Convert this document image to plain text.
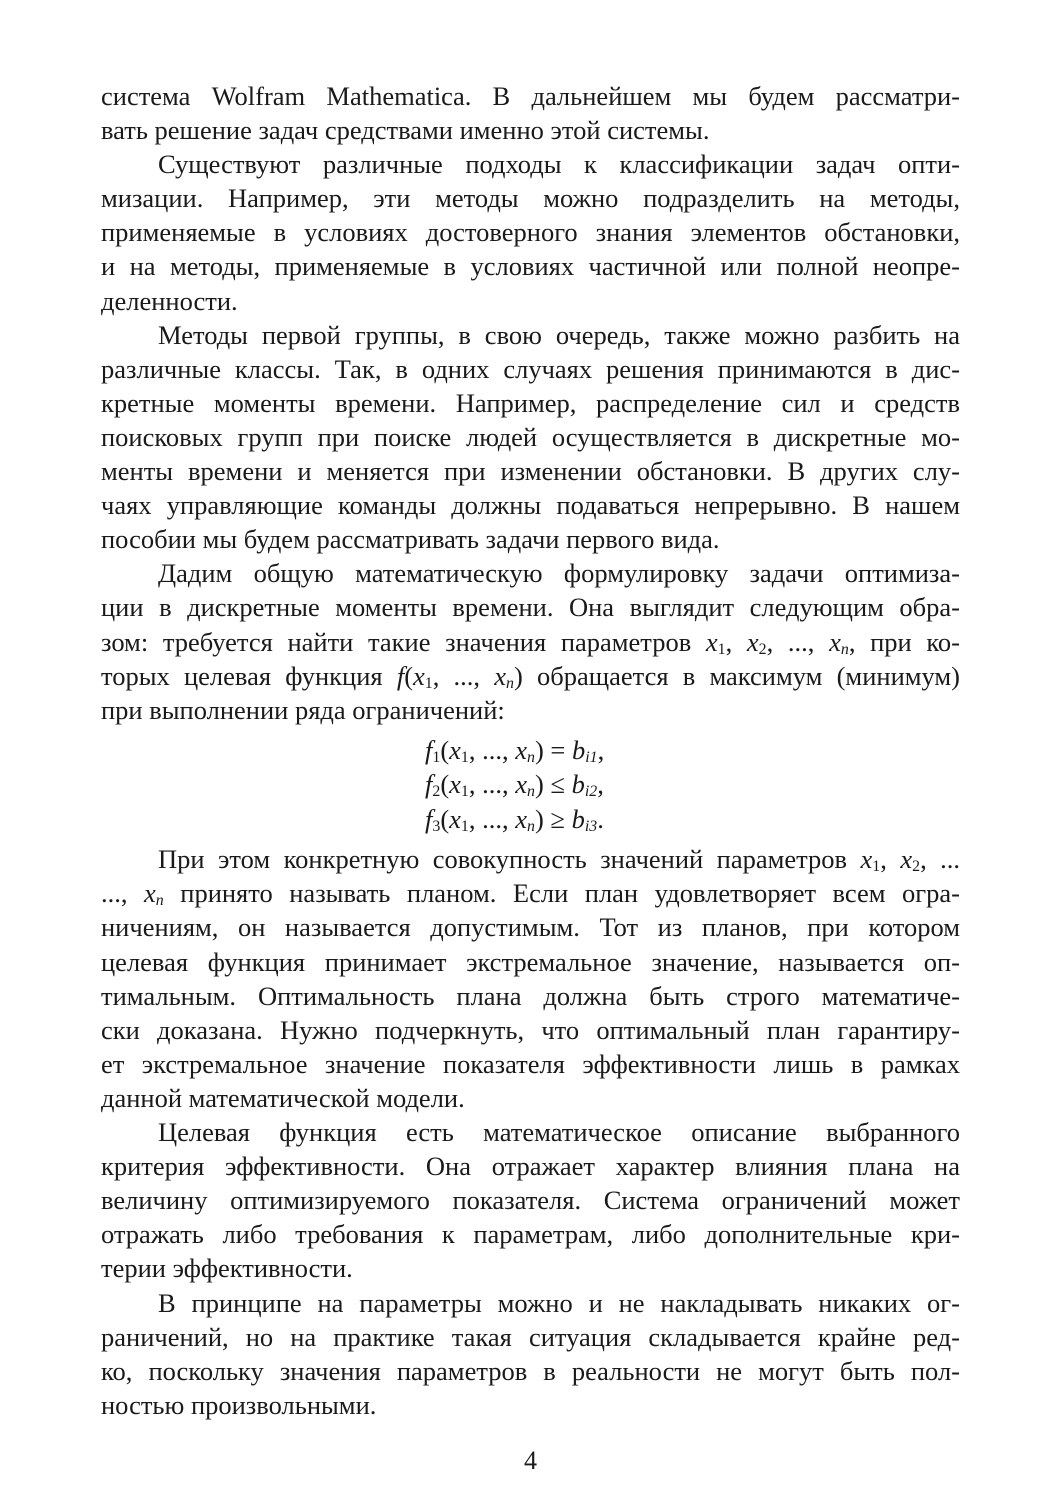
система Wolfram Mathematica. В дальнейшем мы будем рассматри-
вать решение задач средствами именно этой системы.
Существуют различные подходы к классификации задач опти-
мизации. Например, эти методы можно подразделить на методы,
применяемые в условиях достоверного знания элементов обстановки,
и на методы, применяемые в условиях частичной или полной неопре-
деленности.
Методы первой группы, в свою очередь, также можно разбить на
различные классы. Так, в одних случаях решения принимаются в дис-
кретные моменты времени. Например, распределение сил и средств
поисковых групп при поиске людей осуществляется в дискретные мо-
менты времени и меняется при изменении обстановки. В других слу-
чаях управляющие команды должны подаваться непрерывно. В нашем
пособии мы будем рассматривать задачи первого вида.
Дадим общую математическую формулировку задачи оптимиза-
ции в дискретные моменты времени. Она выглядит следующим обра-
зом: требуется найти такие значения параметров $x_1$, $x_2$, ..., $x_n$, при ко-
торых целевая функция $f(x_1$, ..., $x_n$) обращается в максимум (минимум)
при выполнении ряда ограничений:
$f_1(x_1$, ..., $x_n) = b_{i1}$,
$f_2(x_1$, ..., $x_n) \le b_{i2}$,
$f_3(x_1$, ..., $x_n) \ge b_{i3}$.
При этом конкретную совокупность значений параметров $x_1$, $x_2$, ...
..., $x_n$ принято называть планом. Если план удовлетворяет всем огра-
ничениям, он называется допустимым. Тот из планов, при котором
целевая функция принимает экстремальное значение, называется оп-
тимальным. Оптимальность плана должна быть строго математиче-
ски доказана. Нужно подчеркнуть, что оптимальный план гарантиру-
ет экстремальное значение показателя эффективности лишь в рамках
данной математической модели.
Целевая функция есть математическое описание выбранного
критерия эффективности. Она отражает характер влияния плана на
величину оптимизируемого показателя. Система ограничений может
отражать либо требования к параметрам, либо дополнительные кри-
терии эффективности.
В принципе на параметры можно и не накладывать никаких ог-
раничений, но на практике такая ситуация складывается крайне ред-
ко, поскольку значения параметров в реальности не могут быть пол-
ностью произвольными.
4
